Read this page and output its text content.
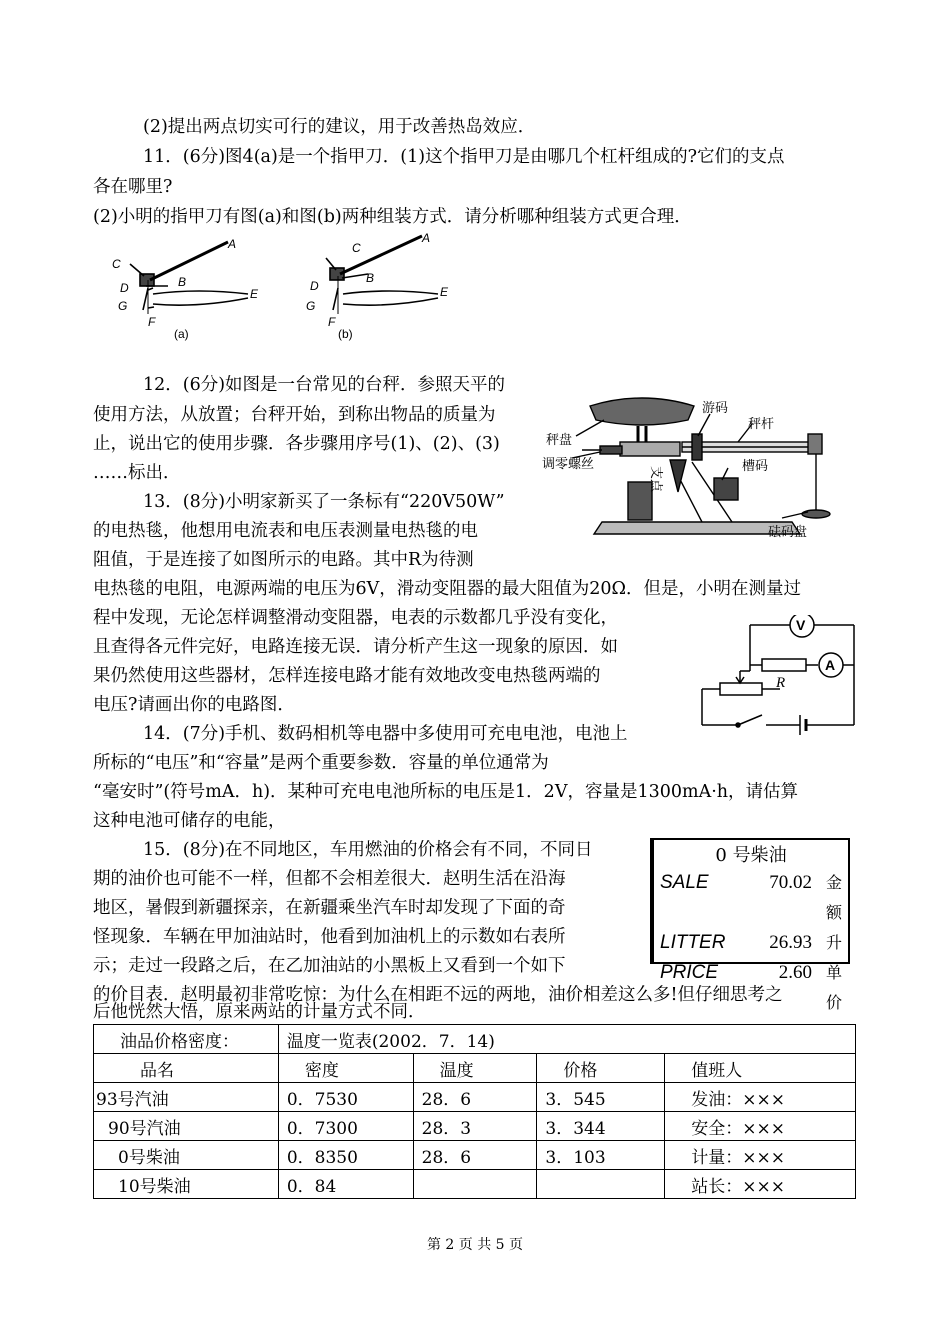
(2)提出两点切实可行的建议，用于改善热岛效应．
11．(6分)图4(a)是一个指甲刀．(1)这个指甲刀是由哪几个杠杆组成的?它们的支点
各在哪里?
(2)小明的指甲刀有图(a)和图(b)两种组装方式．请分析哪种组装方式更合理．
12．(6分)如图是一台常见的台秤．参照天平的
使用方法，从放置；台秤开始，到称出物品的质量为
止，说出它的使用步骤．各步骤用序号(1)、(2)、(3)
……标出．
13．(8分)小明家新买了一条标有“220V50W”
的电热毯，他想用电流表和电压表测量电热毯的电
阻值，于是连接了如图所示的电路。其中R为待测
电热毯的电阻，电源两端的电压为6V，滑动变阻器的最大阻值为20Ω．但是，小明在测量过
程中发现，无论怎样调整滑动变阻器，电表的示数都几乎没有变化，
且查得各元件完好，电路连接无误．请分析产生这一现象的原因．如
果仍然使用这些器材，怎样连接电路才能有效地改变电热毯两端的
电压?请画出你的电路图．
14．(7分)手机、数码相机等电器中多使用可充电电池，电池上
所标的“电压”和“容量”是两个重要参数．容量的单位通常为
“毫安时”(符号mA．h)．某种可充电电池所标的电压是1．2V，容量是1300mA·h，请估算
这种电池可储存的电能，
15．(8分)在不同地区，车用燃油的价格会有不同，不同日
期的油价也可能不一样，但都不会相差很大．赵明生活在沿海
地区，暑假到新疆探亲，在新疆乘坐汽车时却发现了下面的奇
怪现象．车辆在甲加油站时，他看到加油机上的示数如右表所
示；走过一段路之后，在乙加油站的小黑板上又看到一个如下
的价目表．赵明最初非常吃惊：为什么在相距不远的两地，油价相差这么多!但仔细思考之
后他恍然大悟，原来两站的计量方式不同．
A
B
C
D	E
F
G
(a)
A
B
C
D	E
F
G
(b)
秤盘
游码
秤杆
调零螺丝	槽码
砝码盘
支点
V
A
R
0 号柴油
SALE	70.02 金额
LITTER	26.93 升
PRICE	2.60 单价
油品价格密度：	温度一览表(2002．7．14)			
品名	密度	温度	价格	值班人
93号汽油	0．7530	28．6	3．545	发油：×××
90号汽油	0．7300	28．3	3．344	安全：×××
0号柴油	0．8350	28．6	3．103	计量：×××
10号柴油	0．84			站长：×××
第 2 页 共 5 页
